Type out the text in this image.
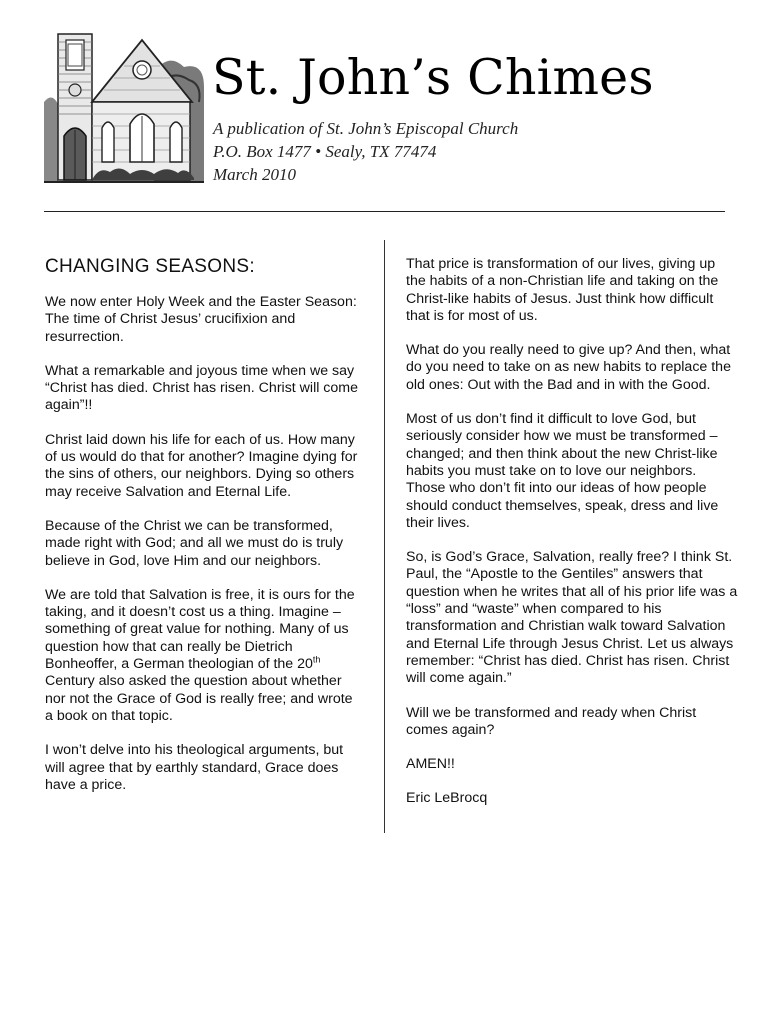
St. John’s Chimes

A publication of St. John’s Episcopal Church

P.O. Box 1477 • Sealy, TX 77474

March 2010

CHANGING SEASONS:

We now enter Holy Week and the Easter Season: The time of Christ Jesus’ crucifixion and resurrection.

What a remarkable and joyous time when we say “Christ has died. Christ has risen. Christ will come again”!!

Christ laid down his life for each of us. How many of us would do that for another? Imagine dying for the sins of others, our neighbors. Dying so others may receive Salvation and Eternal Life.

Because of the Christ we can be transformed, made right with God; and all we must do is truly believe in God, love Him and our neighbors.

We are told that Salvation is free, it is ours for the taking, and it doesn’t cost us a thing. Imagine – something of great value for nothing. Many of us question how that can really be Dietrich Bonheoffer, a German theologian of the 20th Century also asked the question about whether nor not the Grace of God is really free; and wrote a book on that topic.

I won’t delve into his theological arguments, but will agree that by earthly standard, Grace does have a price.

That price is transformation of our lives, giving up the habits of a non-Christian life and taking on the Christ-like habits of Jesus. Just think how difficult that is for most of us.

What do you really need to give up? And then, what do you need to take on as new habits to replace the old ones: Out with the Bad and in with the Good.

Most of us don’t find it difficult to love God, but seriously consider how we must be transformed – changed; and then think about the new Christ-like habits you must take on to love our neighbors. Those who don’t fit into our ideas of how people should conduct themselves, speak, dress and live their lives.

So, is God’s Grace, Salvation, really free? I think St. Paul, the “Apostle to the Gentiles” answers that question when he writes that all of his prior life was a “loss” and “waste” when compared to his transformation and Christian walk toward Salvation and Eternal Life through Jesus Christ. Let us always remember: “Christ has died. Christ has risen. Christ will come again.”

Will we be transformed and ready when Christ comes again?

AMEN!!

Eric LeBrocq
